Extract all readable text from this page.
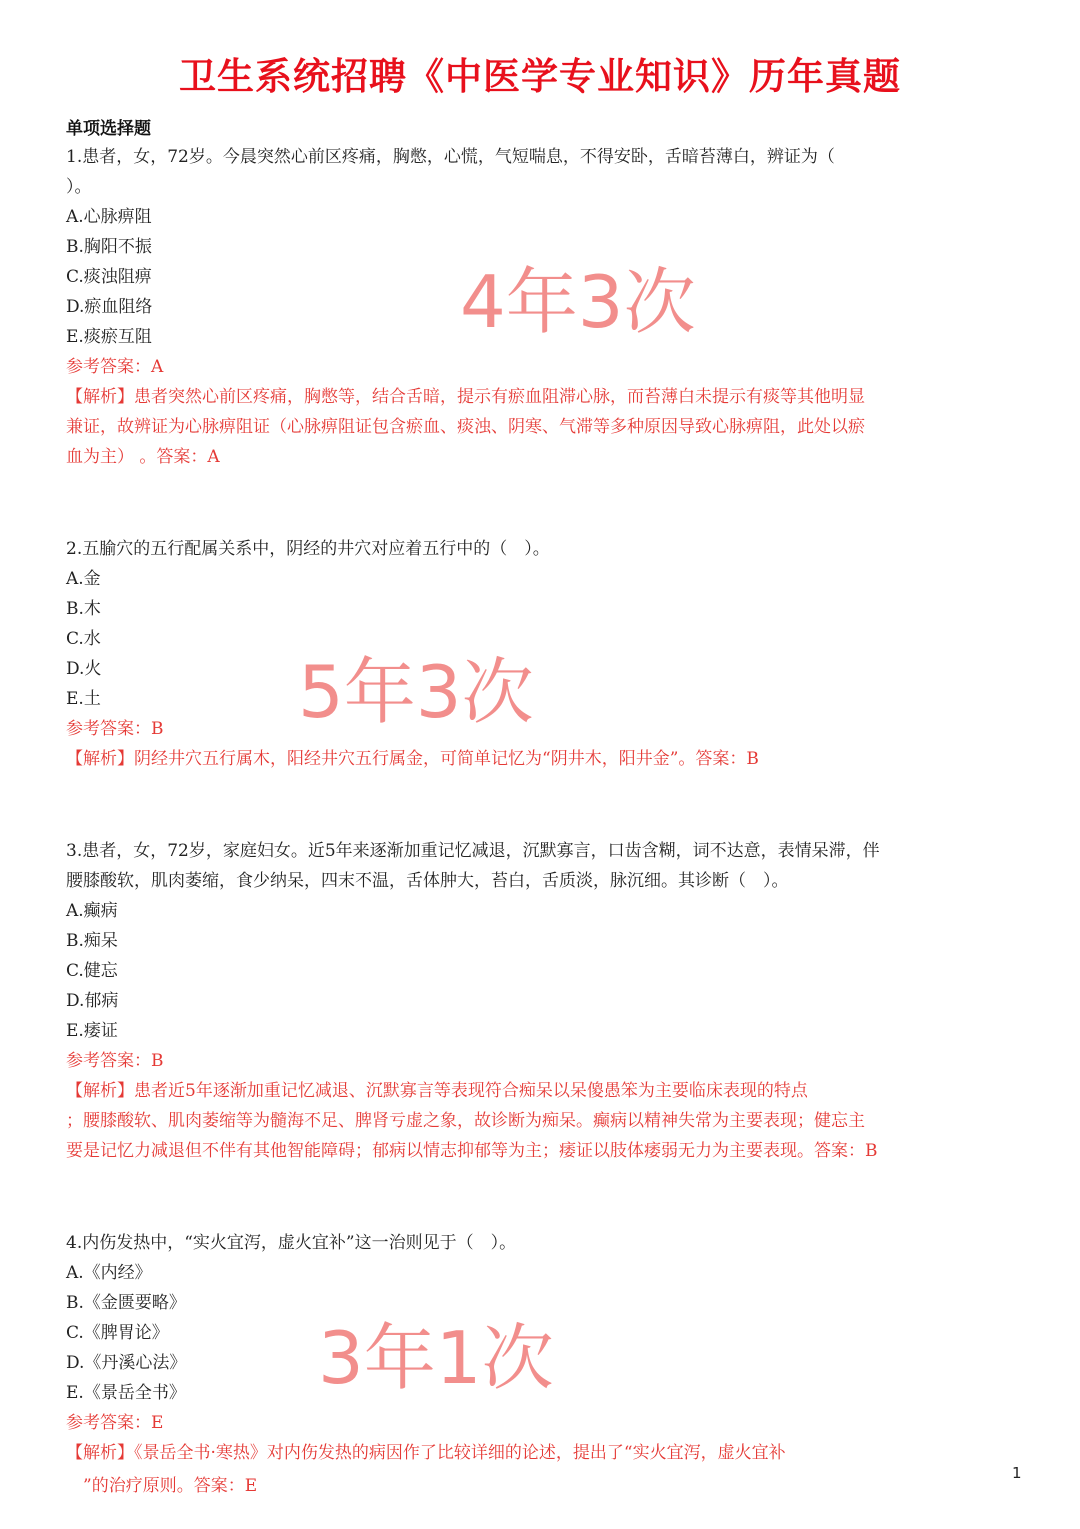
卫生系统招聘《中医学专业知识》历年真题
单项选择题
1.患者，女，72岁。今晨突然心前区疼痛，胸憋，心慌，气短喘息，不得安卧，舌暗苔薄白，辨证为（
）。
A.心脉痹阻
B.胸阳不振
C.痰浊阻痹
D.瘀血阻络
E.痰瘀互阻
参考答案：A
【解析】患者突然心前区疼痛，胸憋等，结合舌暗，提示有瘀血阻滞心脉，而苔薄白未提示有痰等其他明显
兼证，故辨证为心脉痹阻证（心脉痹阻证包含瘀血、痰浊、阴寒、气滞等多种原因导致心脉痹阻，此处以瘀
血为主） 。答案：A
4年3次
2.五腧穴的五行配属关系中，阴经的井穴对应着五行中的（　）。
A.金
B.木
C.水
D.火
E.土
参考答案：B
【解析】阴经井穴五行属木，阳经井穴五行属金，可简单记忆为“阴井木，阳井金”。答案：B
5年3次
3.患者，女，72岁，家庭妇女。近5年来逐渐加重记忆减退，沉默寡言，口齿含糊，词不达意，表情呆滞，伴
腰膝酸软，肌肉萎缩，食少纳呆，四末不温，舌体肿大，苔白，舌质淡，脉沉细。其诊断（　）。
A.癫病
B.痴呆
C.健忘
D.郁病
E.痿证
参考答案：B
【解析】患者近5年逐渐加重记忆减退、沉默寡言等表现符合痴呆以呆傻愚笨为主要临床表现的特点
；腰膝酸软、肌肉萎缩等为髓海不足、脾肾亏虚之象，故诊断为痴呆。癫病以精神失常为主要表现；健忘主
要是记忆力减退但不伴有其他智能障碍；郁病以情志抑郁等为主；痿证以肢体痿弱无力为主要表现。答案：B
4.内伤发热中，“实火宜泻，虚火宜补”这一治则见于（　）。
A.《内经》
B.《金匮要略》
C.《脾胃论》
D.《丹溪心法》
E.《景岳全书》
参考答案：E
【解析】《景岳全书·寒热》对内伤发热的病因作了比较详细的论述，提出了“实火宜泻，虚火宜补
　”的治疗原则。答案：E
3年1次
1
